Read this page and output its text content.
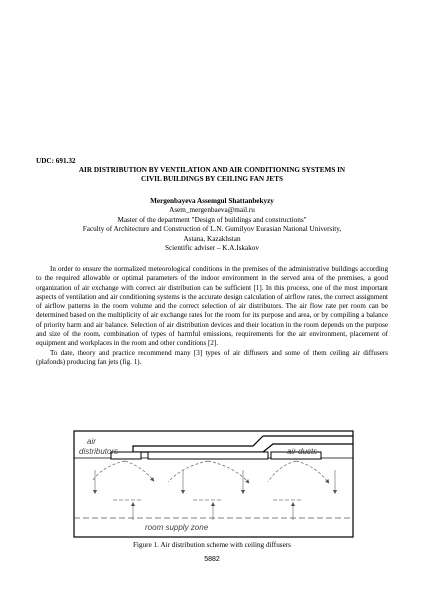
UDC: 691.32
AIR DISTRIBUTION BY VENTILATION AND AIR CONDITIONING SYSTEMS IN
CIVIL BUILDINGS BY CEILING FAN JETS
Mergenbayeva Assemgul Shattanbekyzy
Asem_mergenbaeva@mail.ru
Master of the department "Design of buildings and constructions"
Faculty of Architecture and Construction of L.N. Gumilyov Eurasian National University,
Astana, Kazakhstan
Scientific adviser – K.A.Iskakov

In order to ensure the normalized meteorological conditions in the premises of the administrative buildings according to the required allowable or optimal parameters of the indoor environment in the served area of the premises, a good organization of air exchange with correct air distribution can be sufficient [1]. In this process, one of the most important aspects of ventilation and air conditioning systems is the accurate design calculation of airflow rates, the correct assignment of airflow patterns in the room volume and the correct selection of air distributors. The air flow rate per room can be determined based on the multiplicity of air exchange rates for the room for its purpose and area, or by compiling a balance of priority harm and air balance. Selection of air distribution devices and their location in the room depends on the purpose and size of the room, combination of types of harmful emissions, requirements for the air environment, placement of equipment and workplaces in the room and other conditions [2].

To date, theory and practice recommend many [3] types of air diffusers and some of them ceiling air diffusers (plafonds) producing fan jets (fig. 1).

air
distributors	air ducts
room supply zone
Figure 1. Air distribution scheme with ceiling diffusers
5882
